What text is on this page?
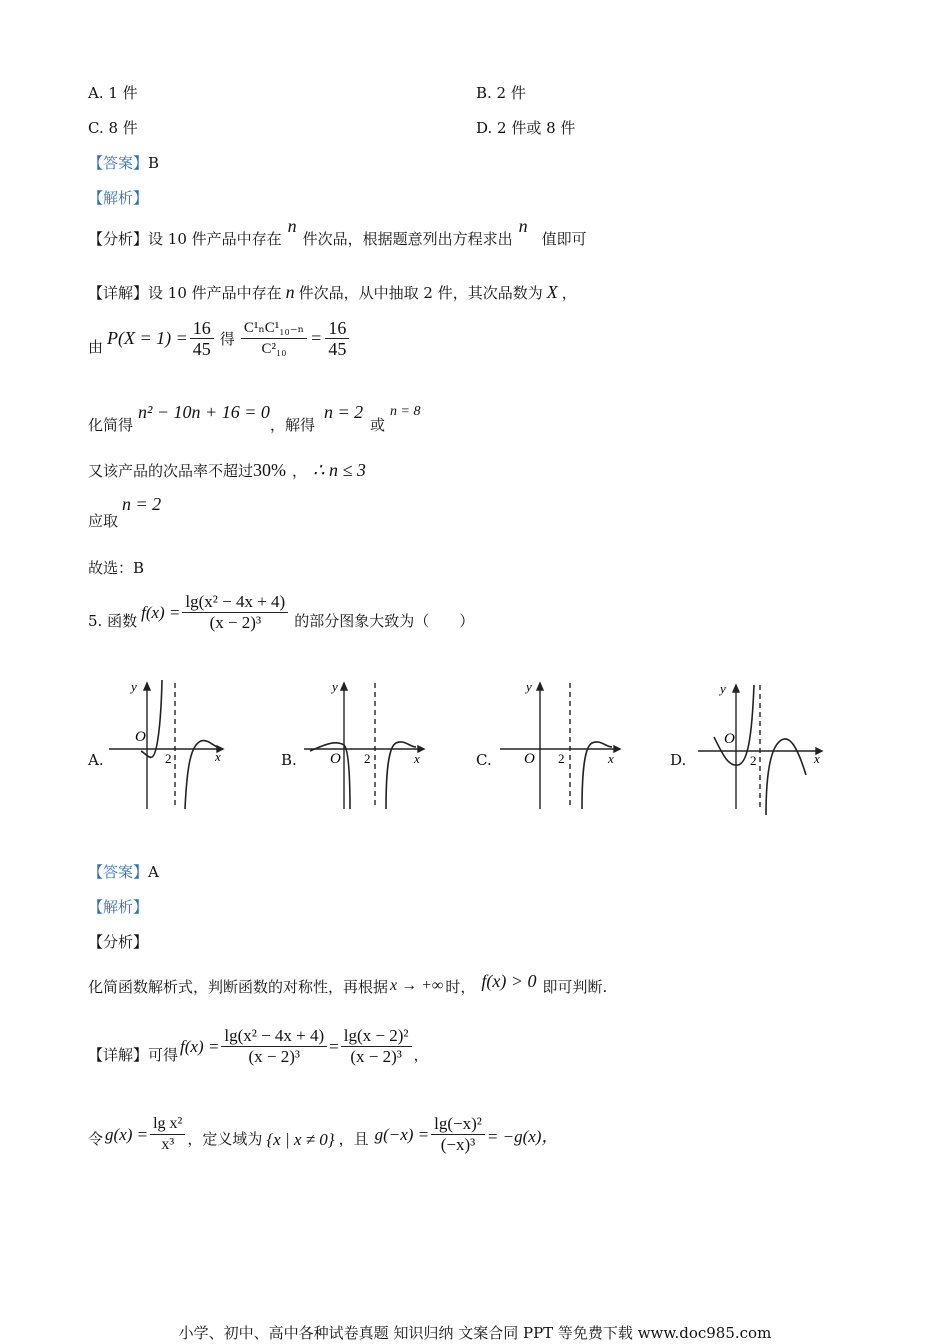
A. 1 件	B. 2 件
C. 8 件	D. 2 件或 8 件
【答案】B
【解析】
【分析】 设 10 件产品中存在
n
件次品，根据题意列出方程求出
n
值即可
【详解】 设 10 件产品中存在 n 件次品，从中抽取 2 件，其次品数为 X ，
由 $P(X = 1) = \frac{16}{45}$ 得 $\frac{\text{C¹ₙC¹₁₀₋ₙ}}{\text{C²₁₀}} = \frac{16}{45}$
化简得
n² − 10n + 16 = 0
，解得
n = 2
或
n = 8
又该产品的次品率不超过 30% ， ∴ n ≤ 3
应取
n = 2
故选：B
5. 函数 $f(x) = \frac{\text{lg(x² − 4x + 4)}}{\text{(x − 2)³}}$ 的部分图象大致为（　　）
A.	B.	C.	D.
y
O
2	x
y
O 2	x
y
O 2	x
y
O
2	x
【答案】A
【解析】
【分析】
化简函数解析式，判断函数的对称性，再根据 x → +∞ 时， f(x) > 0 即可判断.
【详解】 可得 $f(x) = \frac{\text{lg(x² − 4x + 4)}}{\text{(x − 2)³}} = \frac{\text{lg(x − 2)²}}{\text{(x − 2)³}}$ ，
令 $g(x) = \frac{\text{lg x²}}{\text{x³}}$ ，定义域为 {x | x ≠ 0} ，且 $g(-x) = \frac{\text{lg(−x)²}}{\text{(−x)³}} = -g(x)$，
小学、初中、高中各种试卷真题 知识归纳 文案合同 PPT 等免费下载 www.doc985.com
